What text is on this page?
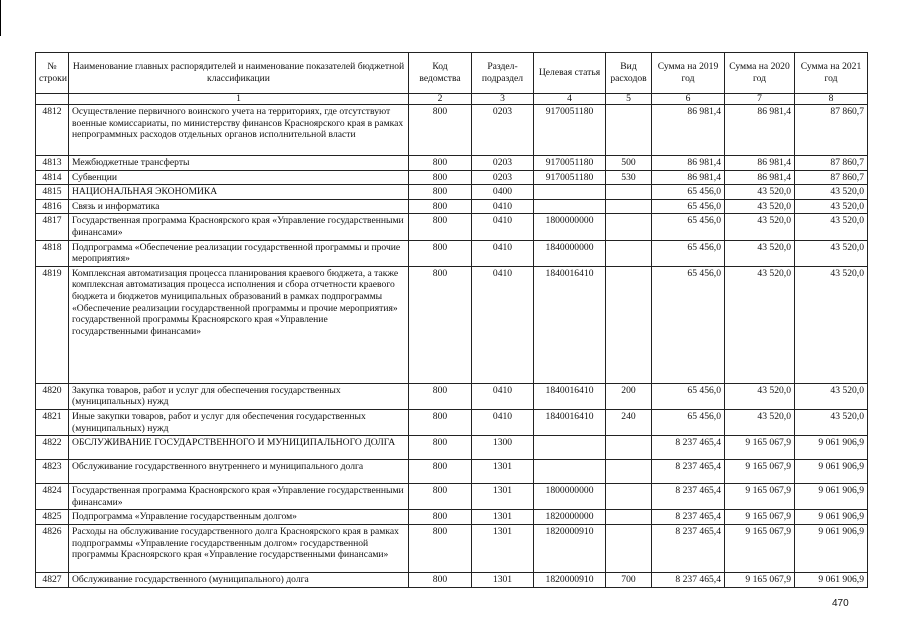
№ строки	Наименование главных распорядителей и наименование показателей бюджетной классификации	Код ведомства	Раздел-подраздел	Целевая статья	Вид расходов	Сумма на 2019 год	Сумма на 2020 год	Сумма на 2021 год
	1	2	3	4	5	6	7	8
4812	Осуществление первичного воинского учета на территориях, где отсутствуют военные комиссариаты, по министерству финансов Красноярского края в рамках непрограммных расходов отдельных органов исполнительной власти	800	0203	9170051180		86 981,4	86 981,4	87 860,7
4813	Межбюджетные трансферты	800	0203	9170051180	500	86 981,4	86 981,4	87 860,7
4814	Субвенции	800	0203	9170051180	530	86 981,4	86 981,4	87 860,7
4815	НАЦИОНАЛЬНАЯ ЭКОНОМИКА	800	0400			65 456,0	43 520,0	43 520,0
4816	Связь и информатика	800	0410			65 456,0	43 520,0	43 520,0
4817	Государственная программа Красноярского края «Управление государственными финансами»	800	0410	1800000000		65 456,0	43 520,0	43 520,0
4818	Подпрограмма «Обеспечение реализации государственной программы и прочие мероприятия»	800	0410	1840000000		65 456,0	43 520,0	43 520,0
4819	Комплексная автоматизация процесса планирования краевого бюджета, а также комплексная автоматизация процесса исполнения и сбора отчетности краевого бюджета и бюджетов муниципальных образований в рамках подпрограммы «Обеспечение реализации государственной программы и прочие мероприятия» государственной программы Красноярского края «Управление государственными финансами»	800	0410	1840016410		65 456,0	43 520,0	43 520,0
4820	Закупка товаров, работ и услуг для обеспечения государственных (муниципальных) нужд	800	0410	1840016410	200	65 456,0	43 520,0	43 520,0
4821	Иные закупки товаров, работ и услуг для обеспечения государственных (муниципальных) нужд	800	0410	1840016410	240	65 456,0	43 520,0	43 520,0
4822	ОБСЛУЖИВАНИЕ ГОСУДАРСТВЕННОГО И МУНИЦИПАЛЬНОГО ДОЛГА	800	1300			8 237 465,4	9 165 067,9	9 061 906,9
4823	Обслуживание государственного внутреннего и муниципального долга	800	1301			8 237 465,4	9 165 067,9	9 061 906,9
4824	Государственная программа Красноярского края «Управление государственными финансами»	800	1301	1800000000		8 237 465,4	9 165 067,9	9 061 906,9
4825	Подпрограмма «Управление государственным долгом»	800	1301	1820000000		8 237 465,4	9 165 067,9	9 061 906,9
4826	Расходы на обслуживание государственного долга Красноярского края в рамках подпрограммы «Управление государственным долгом» государственной программы Красноярского края «Управление государственными финансами»	800	1301	1820000910		8 237 465,4	9 165 067,9	9 061 906,9
4827	Обслуживание государственного (муниципального) долга	800	1301	1820000910	700	8 237 465,4	9 165 067,9	9 061 906,9
470
